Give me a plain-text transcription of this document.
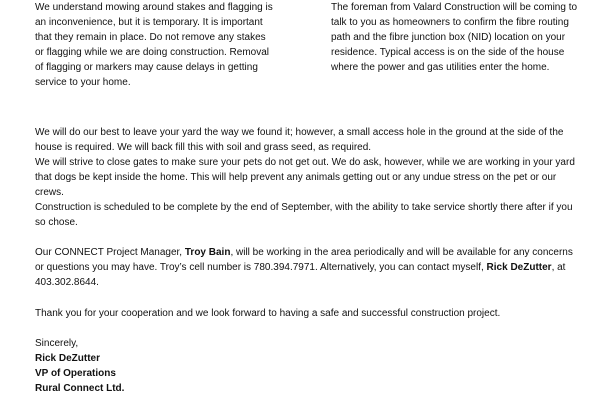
We understand mowing around stakes and flagging is an inconvenience, but it is temporary. It is important that they remain in place. Do not remove any stakes or flagging while we are doing construction. Removal of flagging or markers may cause delays in getting service to your home.

The foreman from Valard Construction will be coming to talk to you as homeowners to confirm the fibre routing path and the fibre junction box (NID) location on your residence. Typical access is on the side of the house where the power and gas utilities enter the home.

We will do our best to leave your yard the way we found it; however, a small access hole in the ground at the side of the house is required. We will back fill this with soil and grass seed, as required.
We will strive to close gates to make sure your pets do not get out. We do ask, however, while we are working in your yard that dogs be kept inside the home. This will help prevent any animals getting out or any undue stress on the pet or our crews.

Construction is scheduled to be complete by the end of September, with the ability to take service shortly there after if you so chose.

Our CONNECT Project Manager, Troy Bain, will be working in the area periodically and will be available for any concerns or questions you may have. Troy’s cell number is 780.394.7971. Alternatively, you can contact myself, Rick DeZutter, at 403.302.8644.

Thank you for your cooperation and we look forward to having a safe and successful construction project.

Sincerely,
Rick DeZutter
VP of Operations
Rural Connect Ltd.
